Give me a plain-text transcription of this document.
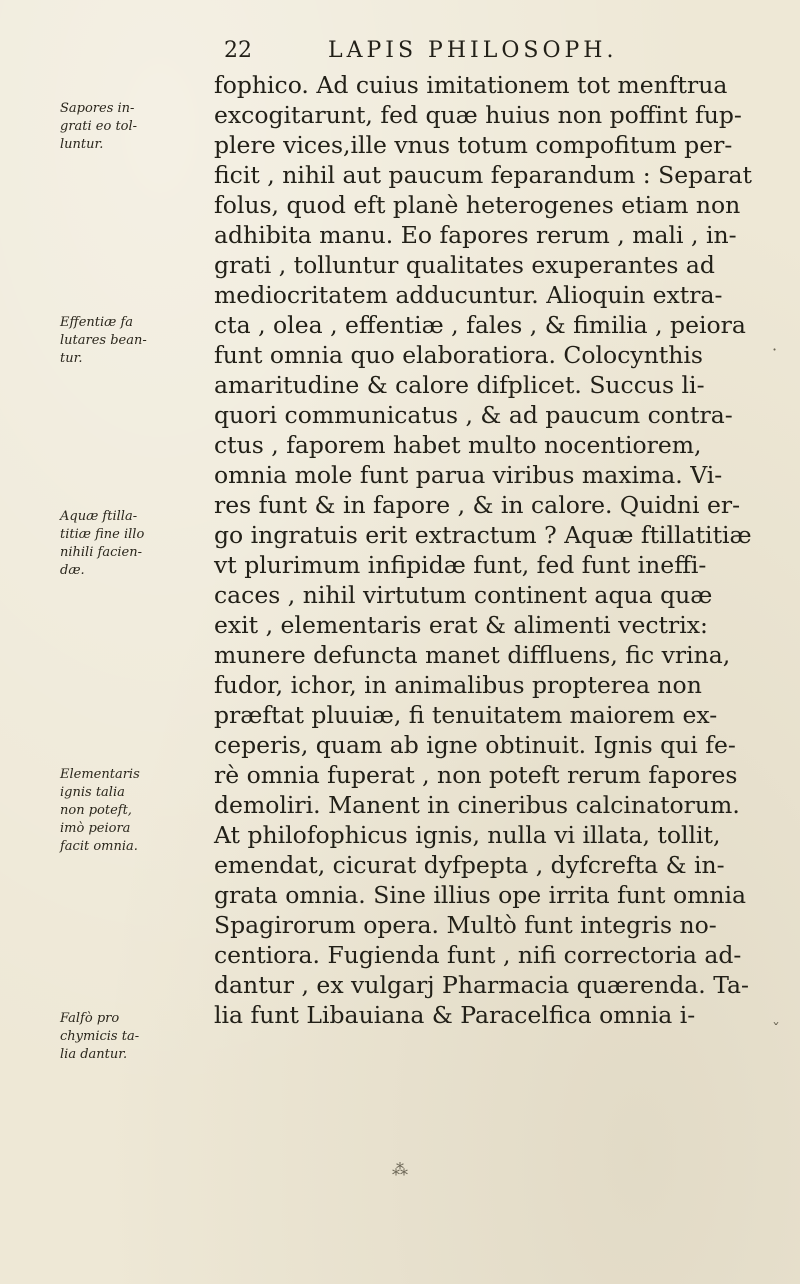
22	LAPIS PHILOSOPH.
fophico. Ad cuius imitationem tot menftrua
excogitarunt, fed quæ huius non poffint fup-
plere vices,ille vnus totum compofitum per-
ficit , nihil aut paucum feparandum : Separat
folus, quod eft planè heterogenes etiam non
adhibita manu. Eo fapores rerum , mali , in-
grati , tolluntur qualitates exuperantes ad
mediocritatem adducuntur. Alioquin extra-
cta , olea , effentiæ , fales , & fimilia , peiora
funt omnia quo elaboratiora. Colocynthis
amaritudine & calore difplicet. Succus li-
quori communicatus , & ad paucum contra-
ctus , faporem habet multo nocentiorem,
omnia mole funt parua viribus maxima. Vi-
res funt & in fapore , & in calore. Quidni er-
go ingratuis erit extractum ? Aquæ ftillatitiæ
vt plurimum infipidæ funt, fed funt ineffi-
caces , nihil virtutum continent aqua quæ
exit , elementaris erat & alimenti vectrix:
munere defuncta manet diffluens, fic vrina,
fudor, ichor, in animalibus propterea non
præftat pluuiæ, fi tenuitatem maiorem ex-
ceperis, quam ab igne obtinuit. Ignis qui fe-
rè omnia fuperat , non poteft rerum fapores
demoliri. Manent in cineribus calcinatorum.
At philofophicus ignis, nulla vi illata, tollit,
emendat, cicurat dyfpepta , dyfcrefta & in-
grata omnia. Sine illius ope irrita funt omnia
Spagirorum opera. Multò funt integris no-
centiora. Fugienda funt , nifi correctoria ad-
dantur , ex vulgarj Pharmacia quærenda. Ta-
lia funt Libauiana & Paracelfica omnia i-
Sapores in-
grati eo tol-
luntur.
Effentiæ fa
lutares bean-
tur.
Aquæ ftilla-
titiæ fine illo
nihili facien-
dæ.
Elementaris
ignis talia
non poteft,
imò peiora
facit omnia.
Falfò pro
chymicis ta-
lia dantur.
·
ˇ
⁂
